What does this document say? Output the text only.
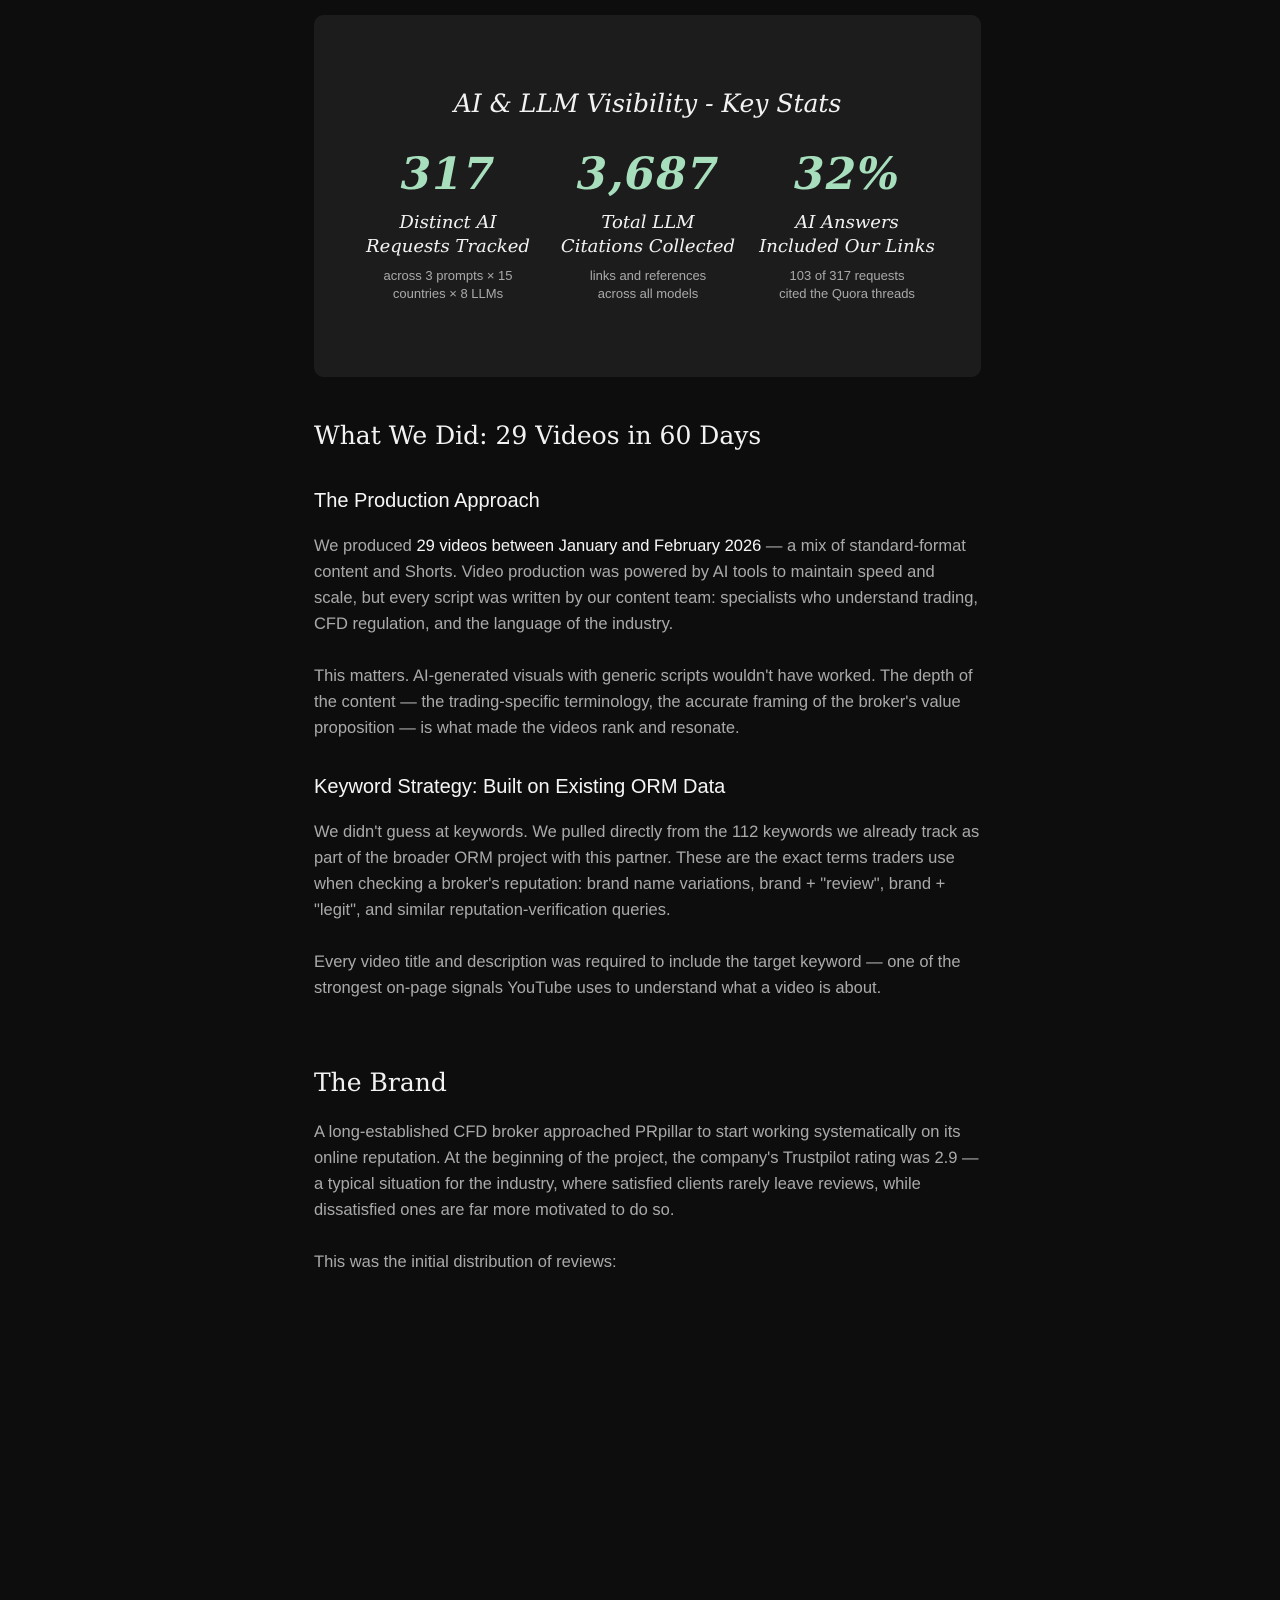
AI & LLM Visibility - Key Stats
317
Distinct AI
Requests Tracked
across 3 prompts × 15
countries × 8 LLMs
3,687
Total LLM
Citations Collected
links and references
across all models
32%
AI Answers
Included Our Links
103 of 317 requests
cited the Quora threads
What We Did: 29 Videos in 60 Days
The Production Approach

We produced 29 videos between January and February 2026 — a mix of standard-format content and Shorts. Video production was powered by AI tools to maintain speed and scale, but every script was written by our content team: specialists who understand trading, CFD regulation, and the language of the industry.

This matters. AI-generated visuals with generic scripts wouldn't have worked. The depth of the content — the trading-specific terminology, the accurate framing of the broker's value proposition — is what made the videos rank and resonate.

Keyword Strategy: Built on Existing ORM Data

We didn't guess at keywords. We pulled directly from the 112 keywords we already track as part of the broader ORM project with this partner. These are the exact terms traders use when checking a broker's reputation: brand name variations, brand + "review", brand + "legit", and similar reputation-verification queries.

Every video title and description was required to include the target keyword — one of the strongest on-page signals YouTube uses to understand what a video is about.

The Brand

A long-established CFD broker approached PRpillar to start working systematically on its online reputation. At the beginning of the project, the company's Trustpilot rating was 2.9 — a typical situation for the industry, where satisfied clients rarely leave reviews, while dissatisfied ones are far more motivated to do so.

This was the initial distribution of reviews:
